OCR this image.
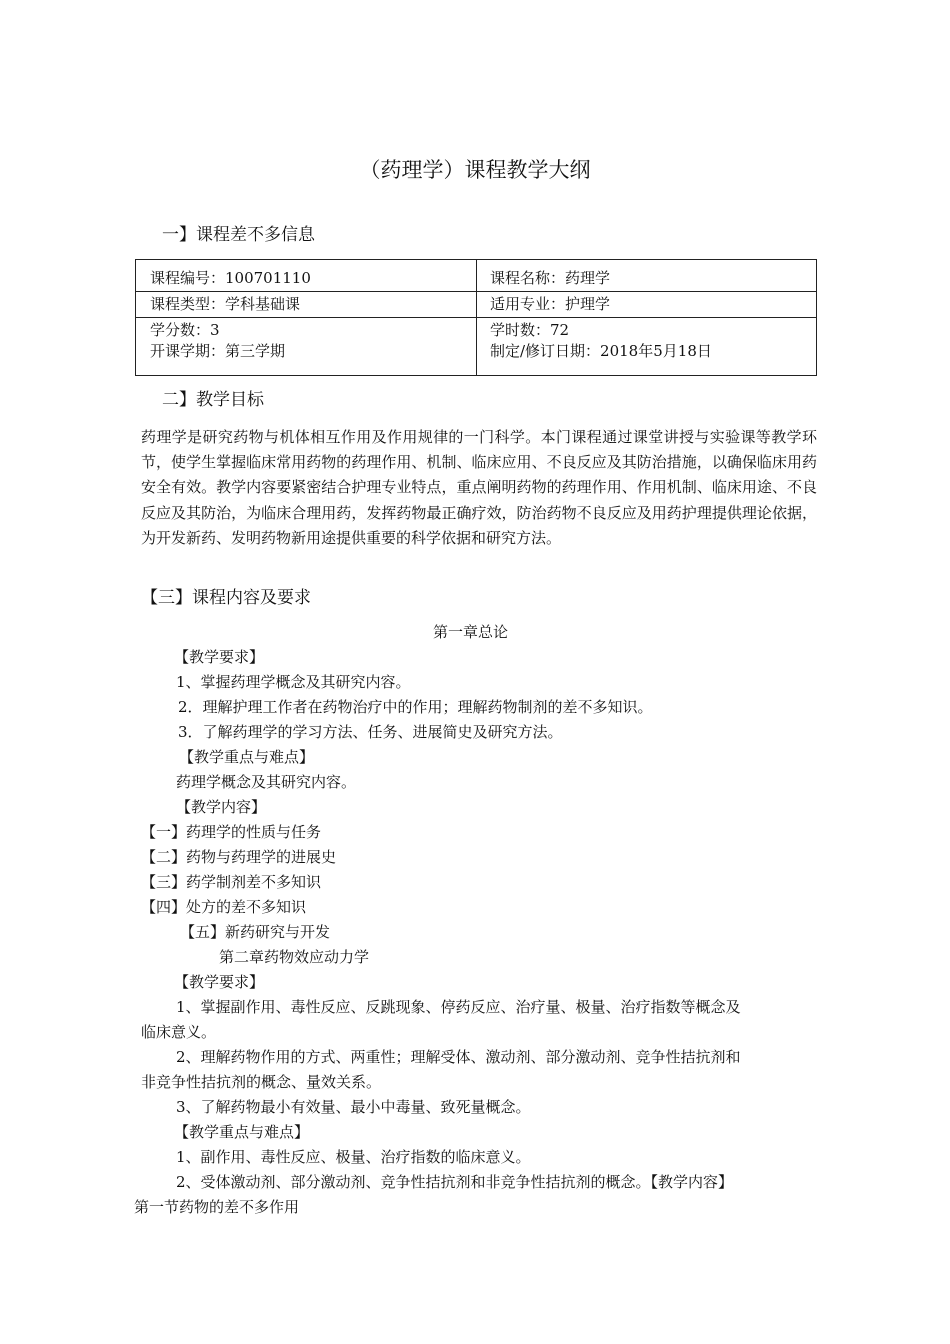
（药理学）课程教学大纲
一】课程差不多信息
课程编号：100701110	课程名称：药理学
课程类型：学科基础课	适用专业：护理学
学分数：3	学时数：72
开课学期：第三学期	制定/修订日期：2018年5月18日
二】教学目标
药理学是研究药物与机体相互作用及作用规律的一门科学。本门课程通过课堂讲授与实验课等教学环节，使学生掌握临床常用药物的药理作用、机制、临床应用、不良反应及其防治措施，以确保临床用药安全有效。教学内容要紧密结合护理专业特点，重点阐明药物的药理作用、作用机制、临床用途、不良反应及其防治，为临床合理用药，发挥药物最正确疗效，防治药物不良反应及用药护理提供理论依据，为开发新药、发明药物新用途提供重要的科学依据和研究方法。
【三】课程内容及要求
第一章总论
【教学要求】
1、掌握药理学概念及其研究内容。
2．理解护理工作者在药物治疗中的作用；理解药物制剂的差不多知识。
3．了解药理学的学习方法、任务、进展简史及研究方法。
【教学重点与难点】
药理学概念及其研究内容。
【教学内容】
【一】药理学的性质与任务
【二】药物与药理学的进展史
【三】药学制剂差不多知识
【四】处方的差不多知识
【五】新药研究与开发
第二章药物效应动力学
【教学要求】
1、掌握副作用、毒性反应、反跳现象、停药反应、治疗量、极量、治疗指数等概念及
临床意义。
2、理解药物作用的方式、两重性；理解受体、激动剂、部分激动剂、竞争性拮抗剂和
非竞争性拮抗剂的概念、量效关系。
3、了解药物最小有效量、最小中毒量、致死量概念。
【教学重点与难点】
1、副作用、毒性反应、极量、治疗指数的临床意义。
2、受体激动剂、部分激动剂、竞争性拮抗剂和非竞争性拮抗剂的概念。【教学内容】
第一节药物的差不多作用
